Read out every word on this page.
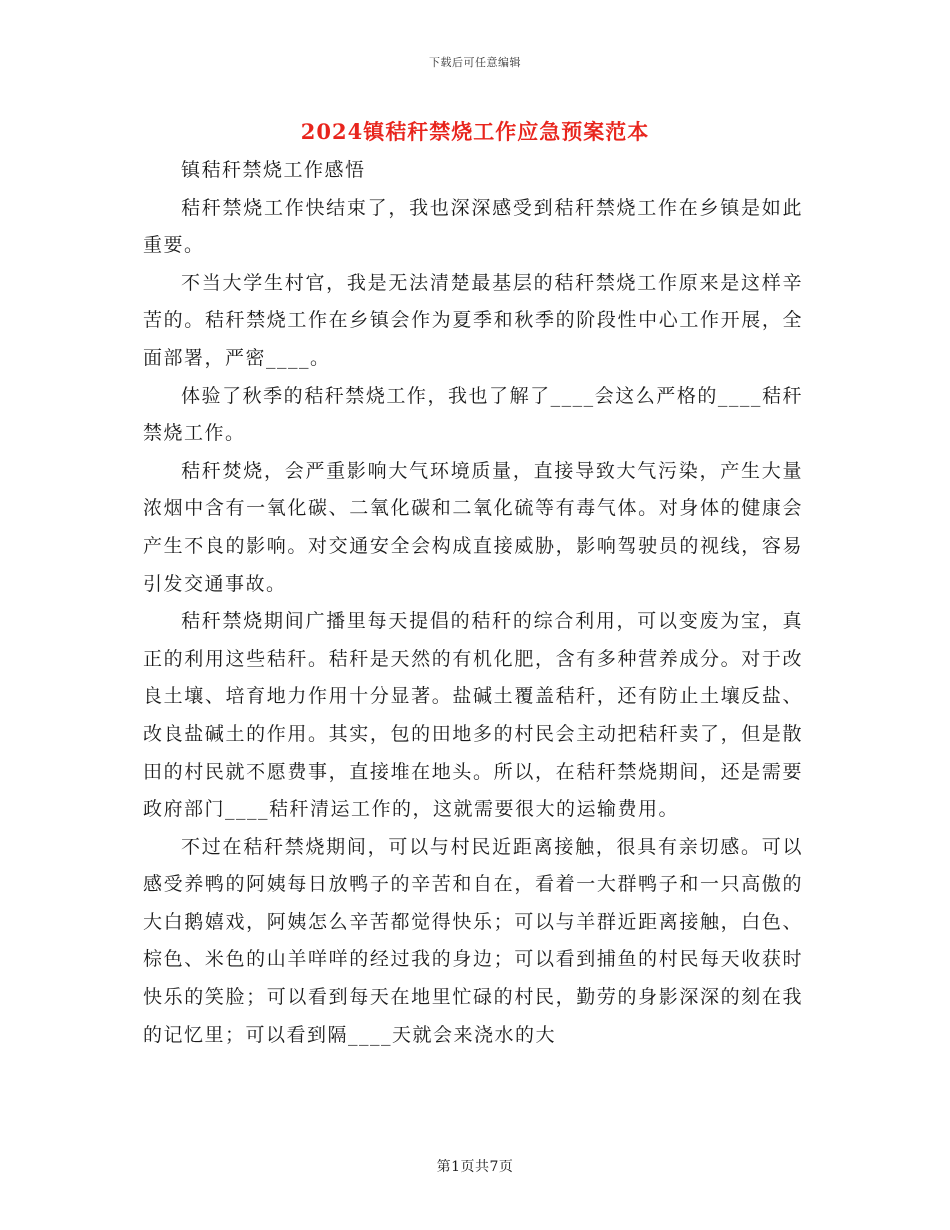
下载后可任意编辑
2024镇秸秆禁烧工作应急预案范本

镇秸秆禁烧工作感悟

秸秆禁烧工作快结束了，我也深深感受到秸秆禁烧工作在乡镇是如此重要。

不当大学生村官，我是无法清楚最基层的秸秆禁烧工作原来是这样辛苦的。秸秆禁烧工作在乡镇会作为夏季和秋季的阶段性中心工作开展，全面部署，严密____。

体验了秋季的秸秆禁烧工作，我也了解了____会这么严格的____秸秆禁烧工作。

秸秆焚烧，会严重影响大气环境质量，直接导致大气污染，产生大量浓烟中含有一氧化碳、二氧化碳和二氧化硫等有毒气体。对身体的健康会产生不良的影响。对交通安全会构成直接威胁，影响驾驶员的视线，容易引发交通事故。

秸秆禁烧期间广播里每天提倡的秸秆的综合利用，可以变废为宝，真正的利用这些秸秆。秸秆是天然的有机化肥，含有多种营养成分。对于改良土壤、培育地力作用十分显著。盐碱土覆盖秸秆，还有防止土壤反盐、改良盐碱土的作用。其实，包的田地多的村民会主动把秸秆卖了，但是散田的村民就不愿费事，直接堆在地头。所以，在秸秆禁烧期间，还是需要政府部门____秸秆清运工作的，这就需要很大的运输费用。

不过在秸秆禁烧期间，可以与村民近距离接触，很具有亲切感。可以感受养鸭的阿姨每日放鸭子的辛苦和自在，看着一大群鸭子和一只高傲的大白鹅嬉戏，阿姨怎么辛苦都觉得快乐；可以与羊群近距离接触，白色、棕色、米色的山羊咩咩的经过我的身边；可以看到捕鱼的村民每天收获时快乐的笑脸；可以看到每天在地里忙碌的村民，勤劳的身影深深的刻在我的记忆里；可以看到隔____天就会来浇水的大

第1页共7页
